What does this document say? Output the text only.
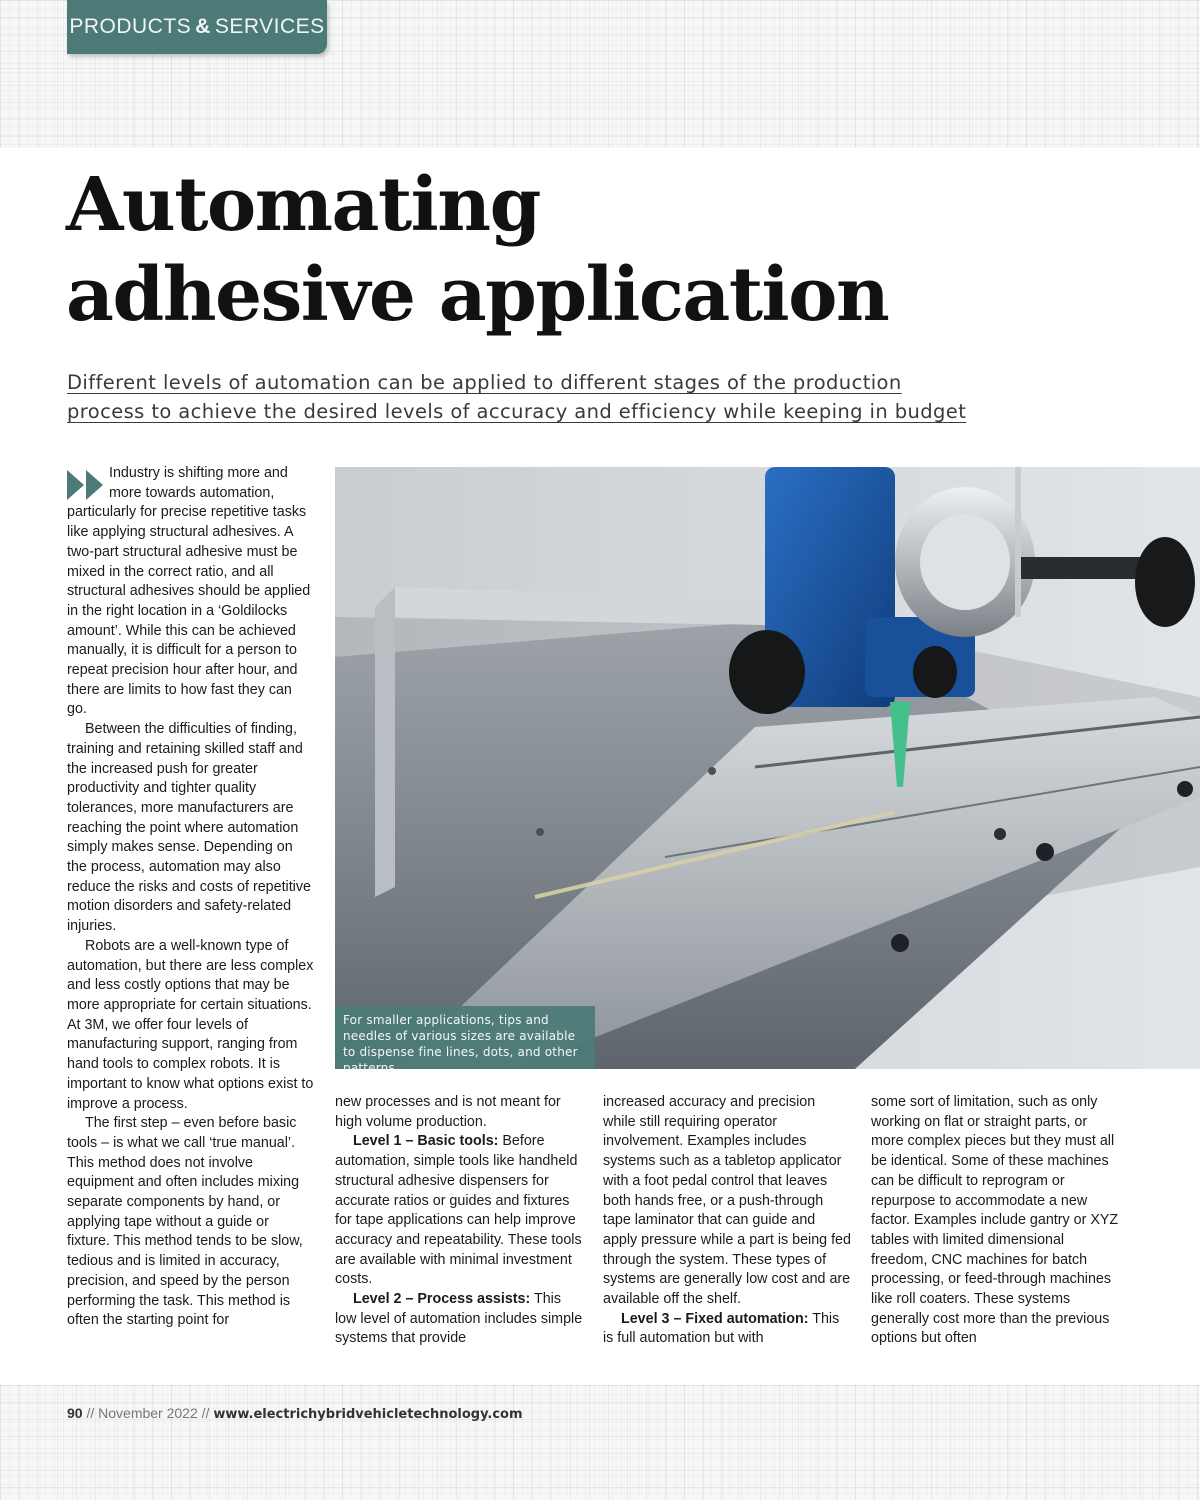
PRODUCTS & SERVICES
Automating
adhesive application
Different levels of automation can be applied to different stages of the production
process to achieve the desired levels of accuracy and efficiency while keeping in budget

Industry is shifting more and more towards automation, particularly for precise repetitive tasks like applying structural adhesives. A two-part structural adhesive must be mixed in the correct ratio, and all structural adhesives should be applied in the right location in a ‘Goldilocks amount’. While this can be achieved manually, it is difficult for a person to repeat precision hour after hour, and there are limits to how fast they can go.

Between the difficulties of finding, training and retaining skilled staff and the increased push for greater productivity and tighter quality tolerances, more manufacturers are reaching the point where automation simply makes sense. Depending on the process, automation may also reduce the risks and costs of repetitive motion disorders and safety-related injuries.

Robots are a well-known type of automation, but there are less complex and less costly options that may be more appropriate for certain situations. At 3M, we offer four levels of manufacturing support, ranging from hand tools to complex robots. It is important to know what options exist to improve a process.

The first step – even before basic tools – is what we call ‘true manual’. This method does not involve equipment and often includes mixing separate components by hand, or applying tape without a guide or fixture. This method tends to be slow, tedious and is limited in accuracy, precision, and speed by the person performing the task. This method is often the starting point for

For smaller applications, tips and needles of various sizes are available to dispense fine lines, dots, and other patterns

new processes and is not meant for high volume production.

Level 1 – Basic tools: Before automation, simple tools like handheld structural adhesive dispensers for accurate ratios or guides and fixtures for tape applications can help improve accuracy and repeatability. These tools are available with minimal investment costs.

Level 2 – Process assists: This low level of automation includes simple systems that provide

increased accuracy and precision while still requiring operator involvement. Examples includes systems such as a tabletop applicator with a foot pedal control that leaves both hands free, or a push-through tape laminator that can guide and apply pressure while a part is being fed through the system. These types of systems are generally low cost and are available off the shelf.

Level 3 – Fixed automation: This is full automation but with

some sort of limitation, such as only working on flat or straight parts, or more complex pieces but they must all be identical. Some of these machines can be difficult to reprogram or repurpose to accommodate a new factor. Examples include gantry or XYZ tables with limited dimensional freedom, CNC machines for batch processing, or feed-through machines like roll coaters. These systems generally cost more than the previous options but often

90 // November 2022 // www.electrichybridvehicletechnology.com
